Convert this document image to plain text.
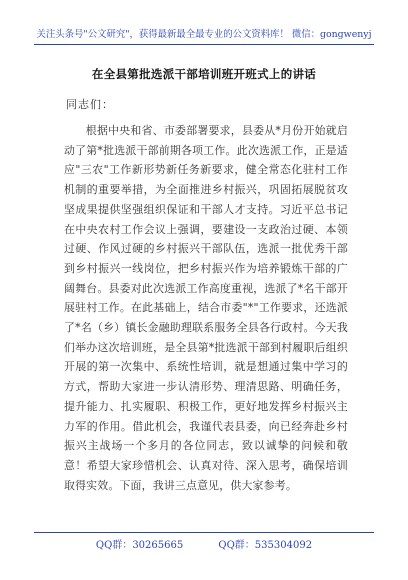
关注头条号"公文研究"，获得最新最全最专业的公文资料库！ 微信：gongwenyj
在全县第批选派干部培训班开班式上的讲话
同志们：

根据中央和省、市委部署要求，县委从*月份开始就启动了第*批选派干部前期各项工作。此次选派工作，正是适应"三农"工作新形势新任务新要求，健全常态化驻村工作机制的重要举措，为全面推进乡村振兴，巩固拓展脱贫攻坚成果提供坚强组织保证和干部人才支持。习近平总书记在中央农村工作会议上强调，要建设一支政治过硬、本领过硬、作风过硬的乡村振兴干部队伍，选派一批优秀干部到乡村振兴一线岗位，把乡村振兴作为培养锻炼干部的广阔舞台。县委对此次选派工作高度重视，选派了*名干部开展驻村工作。在此基础上，结合市委"*"工作要求，还选派了*名（乡）镇长金融助理联系服务全县各行政村。今天我们举办这次培训班，是全县第*批选派干部到村履职后组织开展的第一次集中、系统性培训，就是想通过集中学习的方式，帮助大家进一步认清形势、理清思路、明确任务，提升能力、扎实履职、积极工作，更好地发挥乡村振兴主力军的作用。借此机会，我谨代表县委，向已经奔赴乡村振兴主战场一个多月的各位同志，致以诚挚的问候和敬意！希望大家珍惜机会、认真对待、深入思考，确保培训取得实效。下面，我讲三点意见，供大家参考。

QQ群：30265665	QQ群：535304092
